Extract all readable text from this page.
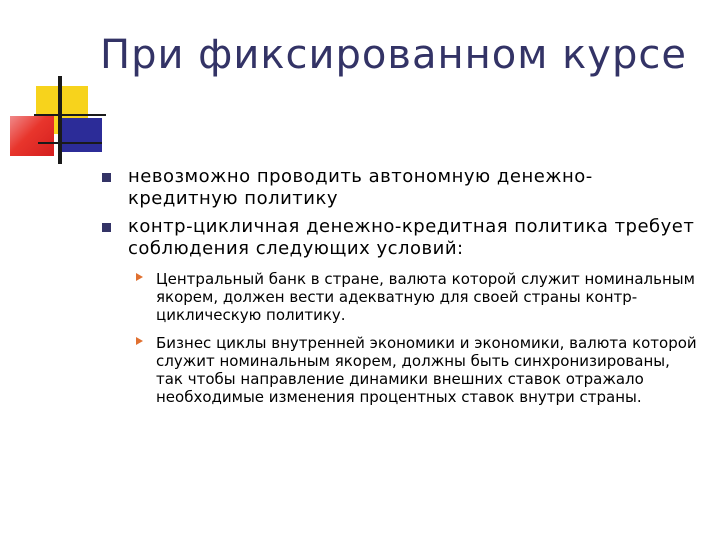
При фиксированном курсе
невозможно проводить автономную денежно-кредитную политику
контр-цикличная денежно-кредитная политика требует соблюдения следующих условий:
Центральный банк в стране, валюта которой служит номинальным якорем, должен вести адекватную для своей страны контр-циклическую политику.
Бизнес циклы внутренней экономики и экономики, валюта которой служит номинальным якорем, должны быть синхронизированы, так чтобы направление динамики внешних ставок отражало необходимые изменения процентных ставок внутри страны.
